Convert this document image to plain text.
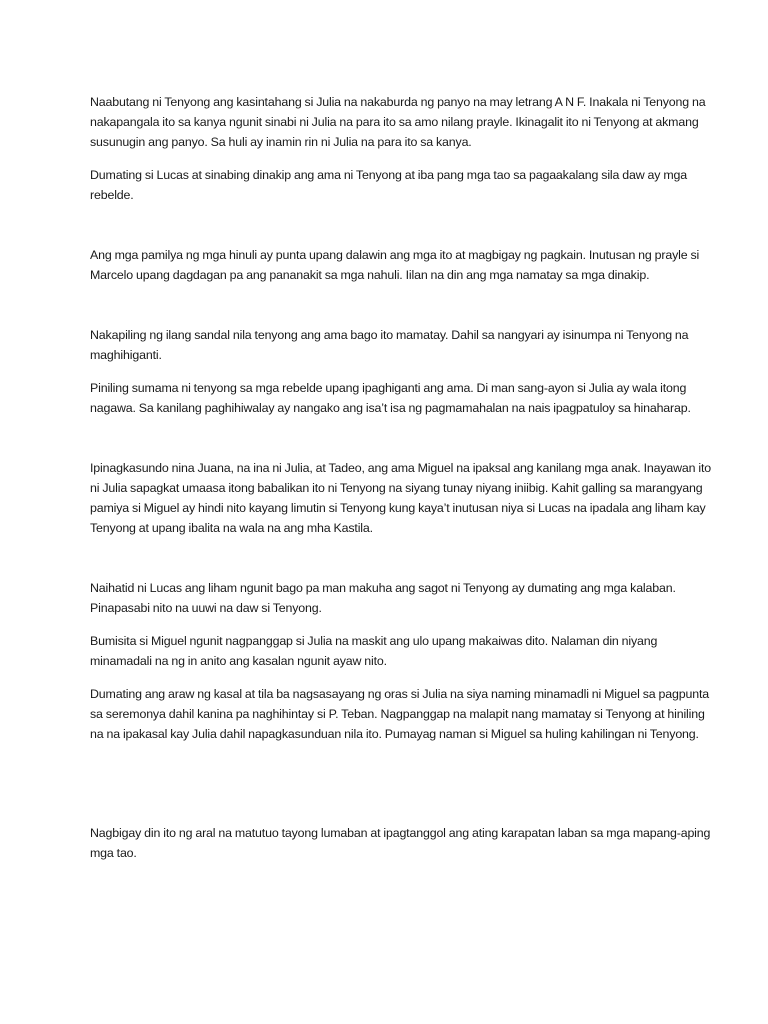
Naabutang ni Tenyong ang kasintahang si Julia na nakaburda ng panyo na may letrang A N F. Inakala ni Tenyong na nakapangala ito sa kanya ngunit sinabi ni Julia na para ito sa amo nilang prayle. Ikinagalit ito ni Tenyong at akmang susunugin ang panyo. Sa huli ay inamin rin ni Julia na para ito sa kanya.

Dumating si Lucas at sinabing dinakip ang ama ni Tenyong at iba pang mga tao sa pagaakalang sila daw ay mga rebelde.

Ang mga pamilya ng mga hinuli ay punta upang dalawin ang mga ito at magbigay ng pagkain. Inutusan ng prayle si Marcelo upang dagdagan pa ang pananakit sa mga nahuli. Iilan na din ang mga namatay sa mga dinakip.

Nakapiling ng ilang sandal nila tenyong ang ama bago ito mamatay. Dahil sa nangyari ay isinumpa ni Tenyong na maghihiganti.

Piniling sumama ni tenyong sa mga rebelde upang ipaghiganti ang ama. Di man sang-ayon si Julia ay wala itong nagawa. Sa kanilang paghihiwalay ay nangako ang isa’t isa ng pagmamahalan na nais ipagpatuloy sa hinaharap.

Ipinagkasundo nina Juana, na ina ni Julia, at Tadeo, ang ama Miguel na ipaksal ang kanilang mga anak. Inayawan ito ni Julia sapagkat umaasa itong babalikan ito ni Tenyong na siyang tunay niyang iniibig. Kahit galling sa marangyang pamiya si Miguel ay hindi nito kayang limutin si Tenyong kung kaya’t inutusan niya si Lucas na ipadala ang liham kay Tenyong at upang ibalita na wala na ang mha Kastila.

Naihatid ni Lucas ang liham ngunit bago pa man makuha ang sagot ni Tenyong ay dumating ang mga kalaban. Pinapasabi nito na uuwi na daw si Tenyong.

Bumisita si Miguel ngunit nagpanggap si Julia na maskit ang ulo upang makaiwas dito. Nalaman din niyang minamadali na ng in anito ang kasalan ngunit ayaw nito.

Dumating ang araw ng kasal at tila ba nagsasayang ng oras si Julia na siya naming minamadli ni Miguel sa pagpunta sa seremonya dahil kanina pa naghihintay si P. Teban. Nagpanggap na malapit nang mamatay si Tenyong at hiniling na na ipakasal kay Julia dahil napagkasunduan nila ito. Pumayag naman si Miguel sa huling kahilingan ni Tenyong.

Nagbigay din ito ng aral na matutuo tayong lumaban at ipagtanggol ang ating karapatan laban sa mga mapang-aping mga tao.
